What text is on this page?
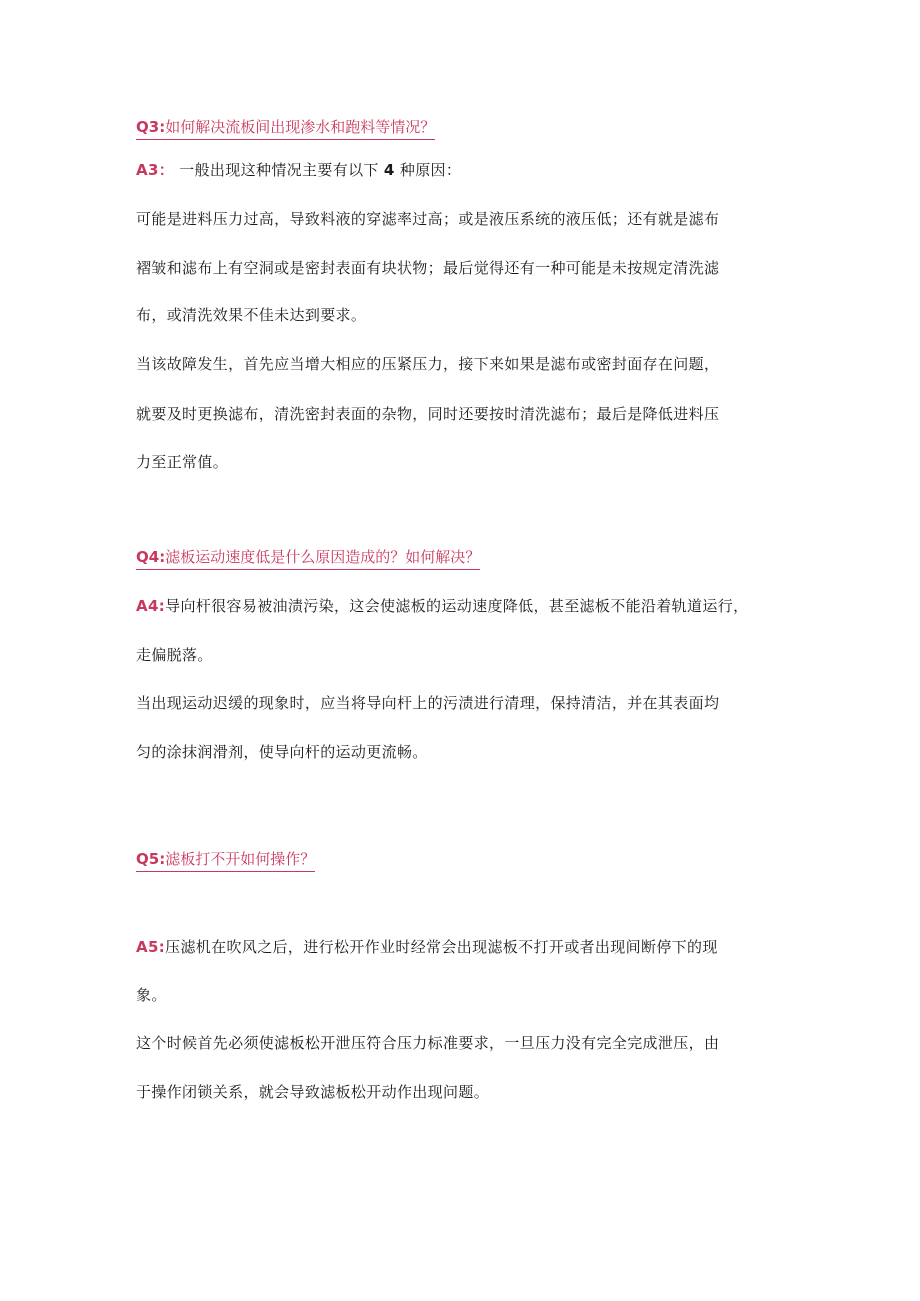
Q3:如何解决流板间出现渗水和跑料等情况？
A3： 一般出现这种情况主要有以下 4 种原因：
可能是进料压力过高，导致料液的穿滤率过高；或是液压系统的液压低；还有就是滤布
褶皱和滤布上有空洞或是密封表面有块状物；最后觉得还有一种可能是未按规定清洗滤
布，或清洗效果不佳未达到要求。
当该故障发生，首先应当增大相应的压紧压力，接下来如果是滤布或密封面存在问题，
就要及时更换滤布，清洗密封表面的杂物，同时还要按时清洗滤布；最后是降低进料压
力至正常值。
Q4:滤板运动速度低是什么原因造成的？如何解决？
A4:导向杆很容易被油渍污染，这会使滤板的运动速度降低，甚至滤板不能沿着轨道运行，
走偏脱落。
当出现运动迟缓的现象时，应当将导向杆上的污渍进行清理，保持清洁，并在其表面均
匀的涂抹润滑剂，使导向杆的运动更流畅。
Q5:滤板打不开如何操作？
A5:压滤机在吹风之后，进行松开作业时经常会出现滤板不打开或者出现间断停下的现
象。
这个时候首先必须使滤板松开泄压符合压力标准要求，一旦压力没有完全完成泄压，由
于操作闭锁关系，就会导致滤板松开动作出现问题。
